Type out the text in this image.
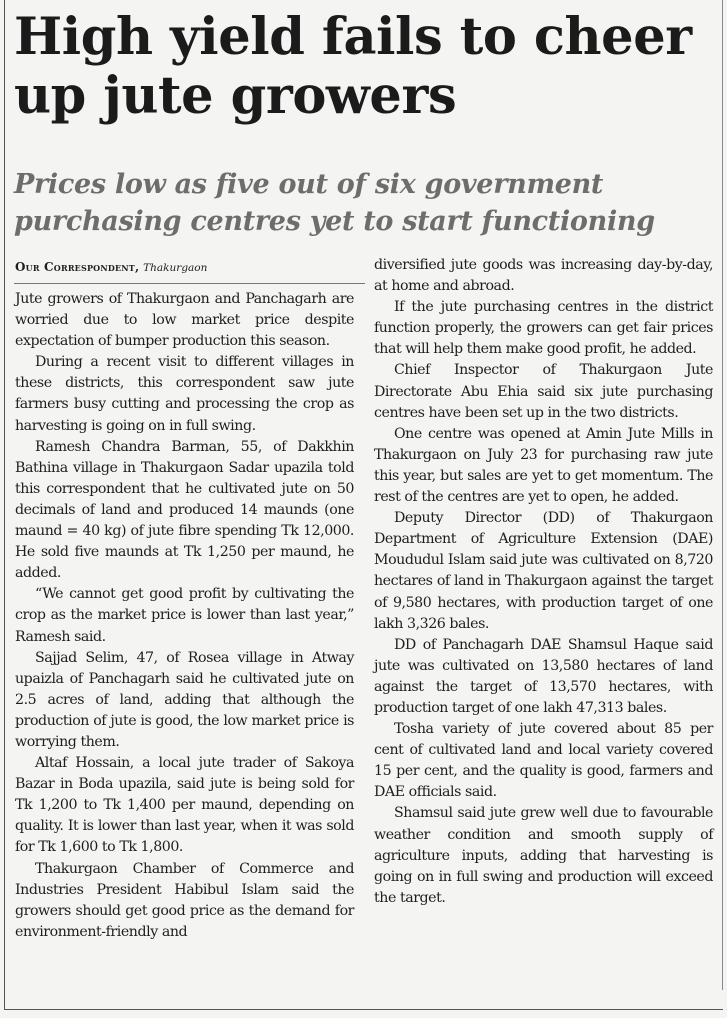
High yield fails to cheer up jute growers
Prices low as five out of six government purchasing centres yet to start functioning
Our Correspondent, Thakurgaon

Jute growers of Thakurgaon and Panchagarh are worried due to low market price despite expectation of bumper production this season.

During a recent visit to different villages in these districts, this correspondent saw jute farmers busy cutting and processing the crop as harvesting is going on in full swing.

Ramesh Chandra Barman, 55, of Dakkhin Bathina village in Thakurgaon Sadar upazila told this correspondent that he cultivated jute on 50 decimals of land and produced 14 maunds (one maund = 40 kg) of jute fibre spending Tk 12,000. He sold five maunds at Tk 1,250 per maund, he added.

“We cannot get good profit by cultivating the crop as the market price is lower than last year,” Ramesh said.

Sajjad Selim, 47, of Rosea village in Atway upaizla of Panchagarh said he cultivated jute on 2.5 acres of land, adding that although the production of jute is good, the low market price is worrying them.

Altaf Hossain, a local jute trader of Sakoya Bazar in Boda upazila, said jute is being sold for Tk 1,200 to Tk 1,400 per maund, depending on quality. It is lower than last year, when it was sold for Tk 1,600 to Tk 1,800.

Thakurgaon Chamber of Commerce and Industries President Habibul Islam said the growers should get good price as the demand for environment-friendly and

diversified jute goods was increasing day-by-day, at home and abroad.

If the jute purchasing centres in the district function properly, the growers can get fair prices that will help them make good profit, he added.

Chief Inspector of Thakurgaon Jute Directorate Abu Ehia said six jute purchasing centres have been set up in the two districts.

One centre was opened at Amin Jute Mills in Thakurgaon on July 23 for purchasing raw jute this year, but sales are yet to get momentum. The rest of the centres are yet to open, he added.

Deputy Director (DD) of Thakurgaon Department of Agriculture Extension (DAE) Moududul Islam said jute was cultivated on 8,720 hectares of land in Thakurgaon against the target of 9,580 hectares, with production target of one lakh 3,326 bales.

DD of Panchagarh DAE Shamsul Haque said jute was cultivated on 13,580 hectares of land against the target of 13,570 hectares, with production target of one lakh 47,313 bales.

Tosha variety of jute covered about 85 per cent of cultivated land and local variety covered 15 per cent, and the quality is good, farmers and DAE officials said.

Shamsul said jute grew well due to favourable weather condition and smooth supply of agriculture inputs, adding that harvesting is going on in full swing and production will exceed the target.
